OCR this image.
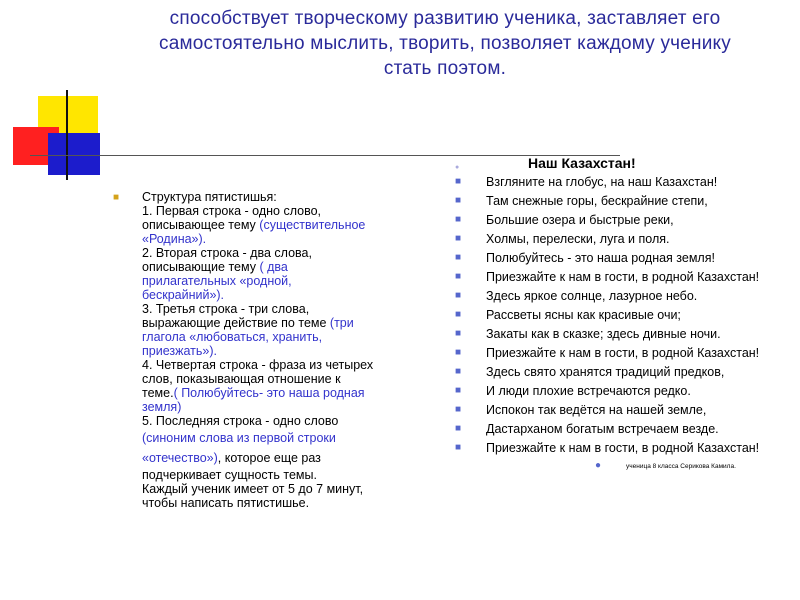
способствует творческому развитию ученика, заставляет его
самостоятельно мыслить, творить, позволяет каждому ученику
стать поэтом.
■ Структура пятистишья:
1. Первая строка - одно слово,
описывающее тему (существительное
«Родина»).
2. Вторая строка - два слова,
описывающие тему ( два
прилагательных «родной,
бескрайний»).
3. Третья строка - три слова,
выражающие действие по теме (три
глагола «любоваться, хранить,
приезжать»).
4. Четвертая строка - фраза из четырех
слов, показывающая отношение к
теме.( Полюбуйтесь- это наша родная
земля)
5. Последняя строка - одно слово
(синоним слова из первой строки
«отечество»), которое еще раз
подчеркивает сущность темы.
Каждый ученик имеет от 5 до 7 минут,
чтобы написать пятистишье.
●	Наш Казахстан!
■ Взгляните на глобус, на наш Казахстан!
■ Там снежные горы, бескрайние степи,
■ Большие озера и быстрые реки,
■ Холмы, перелески, луга и поля.
■ Полюбуйтесь - это наша родная земля!
■ Приезжайте к нам в гости, в родной Казахстан!
■ Здесь яркое солнце, лазурное небо.
■ Рассветы ясны как красивые очи;
■ Закаты как в сказке; здесь дивные ночи.
■ Приезжайте к нам в гости, в родной Казахстан!
■ Здесь свято хранятся традиций предков,
■ И люди плохие встречаются редко.
■ Испокон так ведётся на нашей земле,
■ Дастарханом богатым встречаем везде.
■ Приезжайте к нам в гости, в родной Казахстан!
●	ученица 8 класса Серикова Камила.
